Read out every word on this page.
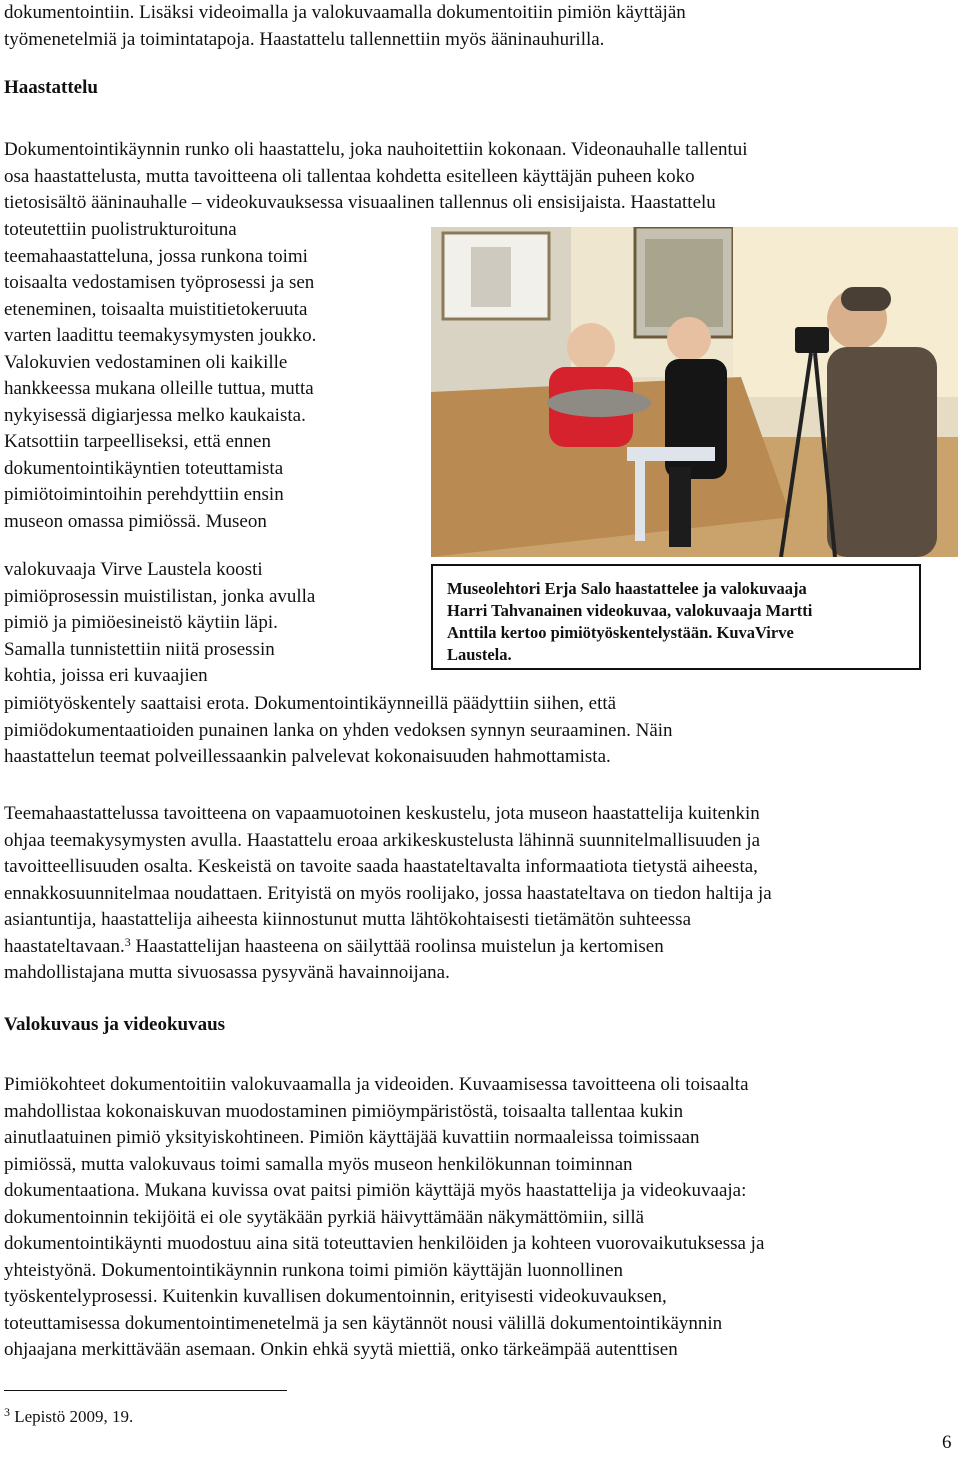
dokumentointiin. Lisäksi videoimalla ja valokuvaamalla dokumentoitiin pimiön käyttäjän
työmenetelmiä ja toimintatapoja. Haastattelu tallennettiin myös ääninauhurilla.
Haastattelu
Dokumentointikäynnin runko oli haastattelu, joka nauhoitettiin kokonaan. Videonauhalle tallentui
osa haastattelusta, mutta tavoitteena oli tallentaa kohdetta esitelleen käyttäjän puheen koko
tietosisältö ääninauhalle – videokuvauksessa visuaalinen tallennus oli ensisijaista. Haastattelu
toteutettiin puolistrukturoituna
teemahaastatteluna, jossa runkona toimi
toisaalta vedostamisen työprosessi ja sen
eteneminen, toisaalta muistitietokeruuta
varten laadittu teemakysymysten joukko.
Valokuvien vedostaminen oli kaikille
hankkeessa mukana olleille tuttua, mutta
nykyisessä digiarjessa melko kaukaista.
Katsottiin tarpeelliseksi, että ennen
dokumentointikäyntien toteuttamista
pimiötoimintoihin perehdyttiin ensin
museon omassa pimiössä. Museon
valokuvaaja Virve Laustela koosti
pimiöprosessin muistilistan, jonka avulla
pimiö ja pimiöesineistö käytiin läpi.
Samalla tunnistettiin niitä prosessin
kohtia, joissa eri kuvaajien
pimiötyöskentely saattaisi erota. Dokumentointikäynneillä päädyttiin siihen, että
pimiödokumentaatioiden punainen lanka on yhden vedoksen synnyn seuraaminen. Näin
haastattelun teemat polveillessaankin palvelevat kokonaisuuden hahmottamista.
Museolehtori Erja Salo haastattelee ja valokuvaaja
Harri Tahvanainen videokuvaa, valokuvaaja Martti
Anttila kertoo pimiötyöskentelystään. KuvaVirve
Laustela.
Teemahaastattelussa tavoitteena on vapaamuotoinen keskustelu, jota museon haastattelija kuitenkin
ohjaa teemakysymysten avulla. Haastattelu eroaa arkikeskustelusta lähinnä suunnitelmallisuuden ja
tavoitteellisuuden osalta. Keskeistä on tavoite saada haastateltavalta informaatiota tietystä aiheesta,
ennakkosuunnitelmaa noudattaen. Erityistä on myös roolijako, jossa haastateltava on tiedon haltija ja
asiantuntija, haastattelija aiheesta kiinnostunut mutta lähtökohtaisesti tietämätön suhteessa
haastateltavaan.$^3$ Haastattelijan haasteena on säilyttää roolinsa muistelun ja kertomisen
mahdollistajana mutta sivuosassa pysyvänä havainnoijana.
Valokuvaus ja videokuvaus
Pimiökohteet dokumentoitiin valokuvaamalla ja videoiden. Kuvaamisessa tavoitteena oli toisaalta
mahdollistaa kokonaiskuvan muodostaminen pimiöympäristöstä, toisaalta tallentaa kukin
ainutlaatuinen pimiö yksityiskohtineen. Pimiön käyttäjää kuvattiin normaaleissa toimissaan
pimiössä, mutta valokuvaus toimi samalla myös museon henkilökunnan toiminnan
dokumentaationa. Mukana kuvissa ovat paitsi pimiön käyttäjä myös haastattelija ja videokuvaaja:
dokumentoinnin tekijöitä ei ole syytäkään pyrkiä häivyttämään näkymättömiin, sillä
dokumentointikäynti muodostuu aina sitä toteuttavien henkilöiden ja kohteen vuorovaikutuksessa ja
yhteistyönä. Dokumentointikäynnin runkona toimi pimiön käyttäjän luonnollinen
työskentelyprosessi. Kuitenkin kuvallisen dokumentoinnin, erityisesti videokuvauksen,
toteuttamisessa dokumentointimenetelmä ja sen käytännöt nousi välillä dokumentointikäynnin
ohjaajana merkittävään asemaan. Onkin ehkä syytä miettiä, onko tärkeämpää autenttisen
$^3$ Lepistö 2009, 19.
6
